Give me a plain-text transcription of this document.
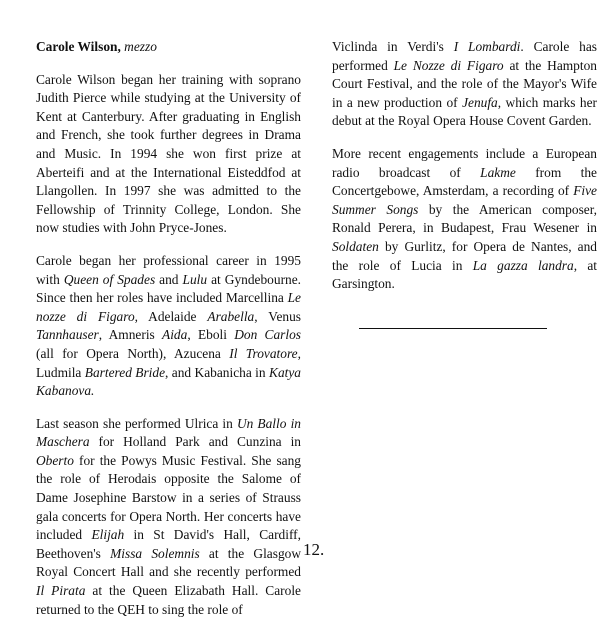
Carole Wilson, mezzo

Carole Wilson began her training with soprano Judith Pierce while studying at the University of Kent at Canterbury. After graduating in English and French, she took further degrees in Drama and Music. In 1994 she won first prize at Aberteifi and at the International Eisteddfod at Llangollen. In 1997 she was admitted to the Fellowship of Trinnity College, London. She now studies with John Pryce-Jones.

Carole began her professional career in 1995 with Queen of Spades and Lulu at Gyndebourne. Since then her roles have included Marcellina Le nozze di Figaro, Adelaide Arabella, Venus Tannhauser, Amneris Aida, Eboli Don Carlos (all for Opera North), Azucena Il Trovatore, Ludmila Bartered Bride, and Kabanicha in Katya Kabanova.

Last season she performed Ulrica in Un Ballo in Maschera for Holland Park and Cunzina in Oberto for the Powys Music Festival. She sang the role of Herodais opposite the Salome of Dame Josephine Barstow in a series of Strauss gala concerts for Opera North. Her concerts have included Elijah in St David's Hall, Cardiff, Beethoven's Missa Solemnis at the Glasgow Royal Concert Hall and she recently performed Il Pirata at the Queen Elizabath Hall. Carole returned to the QEH to sing the role of

Viclinda in Verdi's I Lombardi. Carole has performed Le Nozze di Figaro at the Hampton Court Festival, and the role of the Mayor's Wife in a new production of Jenufa, which marks her debut at the Royal Opera House Covent Garden.

More recent engagements include a European radio broadcast of Lakme from the Concertgebowe, Amsterdam, a recording of Five Summer Songs by the American composer, Ronald Perera, in Budapest, Frau Wesener in Soldaten by Gurlitz, for Opera de Nantes, and the role of Lucia in La gazza landra, at Garsington.

12.
